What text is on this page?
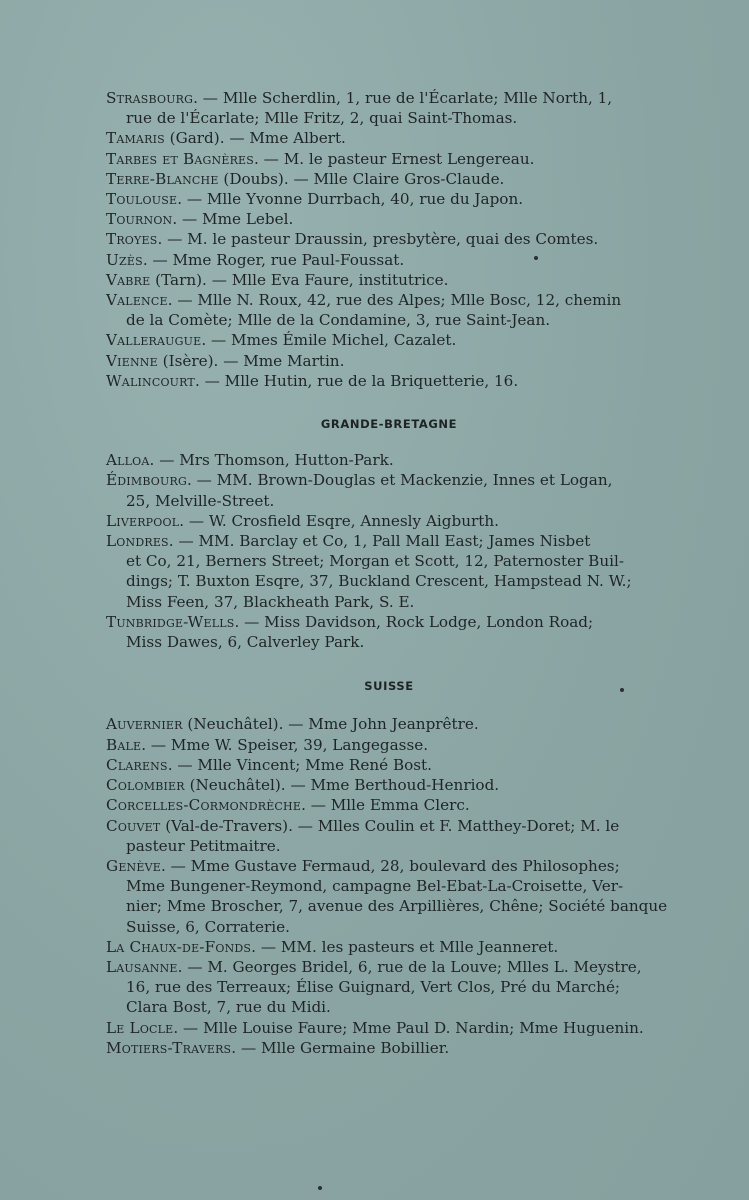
Strasbourg. — Mlle Scherdlin, 1, rue de l'Écarlate; Mlle North, 1,
rue de l'Écarlate; Mlle Fritz, 2, quai Saint-Thomas.

Tamaris (Gard). — Mme Albert.

Tarbes et Bagnères. — M. le pasteur Ernest Lengereau.

Terre-Blanche (Doubs). — Mlle Claire Gros-Claude.

Toulouse. — Mlle Yvonne Durrbach, 40, rue du Japon.

Tournon. — Mme Lebel.

Troyes. — M. le pasteur Draussin, presbytère, quai des Comtes.

Uzès. — Mme Roger, rue Paul-Foussat.

Vabre (Tarn). — Mlle Eva Faure, institutrice.

Valence. — Mlle N. Roux, 42, rue des Alpes; Mlle Bosc, 12, chemin
de la Comète; Mlle de la Condamine, 3, rue Saint-Jean.

Valleraugue. — Mmes Émile Michel, Cazalet.

Vienne (Isère). — Mme Martin.

Walincourt. — Mlle Hutin, rue de la Briquetterie, 16.

GRANDE-BRETAGNE

Alloa. — Mrs Thomson, Hutton-Park.

Édimbourg. — MM. Brown-Douglas et Mackenzie, Innes et Logan,
25, Melville-Street.

Liverpool. — W. Crosfield Esqre, Annesly Aigburth.

Londres. — MM. Barclay et Co, 1, Pall Mall East; James Nisbet
et Co, 21, Berners Street; Morgan et Scott, 12, Paternoster Buil-
dings; T. Buxton Esqre, 37, Buckland Crescent, Hampstead N. W.;
Miss Feen, 37, Blackheath Park, S. E.

Tunbridge-Wells. — Miss Davidson, Rock Lodge, London Road;
Miss Dawes, 6, Calverley Park.

SUISSE

Auvernier (Neuchâtel). — Mme John Jeanprêtre.

Bale. — Mme W. Speiser, 39, Langegasse.

Clarens. — Mlle Vincent; Mme René Bost.

Colombier (Neuchâtel). — Mme Berthoud-Henriod.

Corcelles-Cormondrèche. — Mlle Emma Clerc.

Couvet (Val-de-Travers). — Mlles Coulin et F. Matthey-Doret; M. le
pasteur Petitmaitre.

Genève. — Mme Gustave Fermaud, 28, boulevard des Philosophes;
Mme Bungener-Reymond, campagne Bel-Ebat-La-Croisette, Ver-
nier; Mme Broscher, 7, avenue des Arpillières, Chêne; Société banque
Suisse, 6, Corraterie.

La Chaux-de-Fonds. — MM. les pasteurs et Mlle Jeanneret.

Lausanne. — M. Georges Bridel, 6, rue de la Louve; Mlles L. Meystre,
16, rue des Terreaux; Élise Guignard, Vert Clos, Pré du Marché;
Clara Bost, 7, rue du Midi.

Le Locle. — Mlle Louise Faure; Mme Paul D. Nardin; Mme Huguenin.

Motiers-Travers. — Mlle Germaine Bobillier.
